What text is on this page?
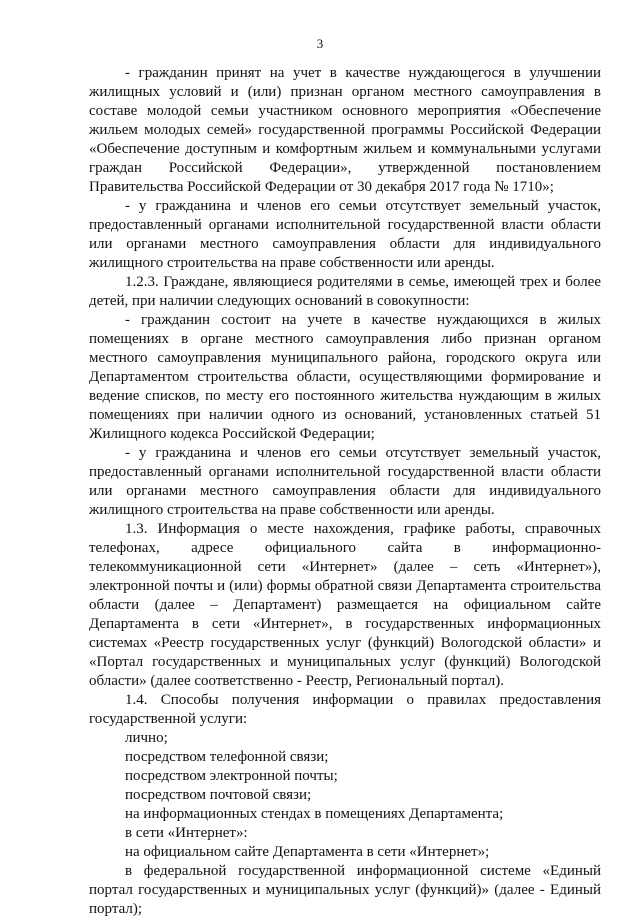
3

- гражданин принят на учет в качестве нуждающегося в улучшении жилищных условий и (или) признан органом местного самоуправления в составе молодой семьи участником основного мероприятия «Обеспечение жильем молодых семей» государственной программы Российской Федерации «Обеспечение доступным и комфортным жильем и коммунальными услугами граждан Российской Федерации», утвержденной постановлением Правительства Российской Федерации от 30 декабря 2017 года № 1710»;

- у гражданина и членов его семьи отсутствует земельный участок, предоставленный органами исполнительной государственной власти области или органами местного самоуправления области для индивидуального жилищного строительства на праве собственности или аренды.

1.2.3. Граждане, являющиеся родителями в семье, имеющей трех и более детей, при наличии следующих оснований в совокупности:

- гражданин состоит на учете в качестве нуждающихся в жилых помещениях в органе местного самоуправления либо признан органом местного самоуправления муниципального района, городского округа или Департаментом строительства области, осуществляющими формирование и ведение списков, по месту его постоянного жительства нуждающим в жилых помещениях при наличии одного из оснований, установленных статьей 51 Жилищного кодекса Российской Федерации;

- у гражданина и членов его семьи отсутствует земельный участок, предоставленный органами исполнительной государственной власти области или органами местного самоуправления области для индивидуального жилищного строительства на праве собственности или аренды.

1.3. Информация о месте нахождения, графике работы, справочных телефонах, адресе официального сайта в информационно-телекоммуникационной сети «Интернет» (далее – сеть «Интернет»), электронной почты и (или) формы обратной связи Департамента строительства области (далее – Департамент) размещается на официальном сайте Департамента в сети «Интернет», в государственных информационных системах «Реестр государственных услуг (функций) Вологодской области» и «Портал государственных и муниципальных услуг (функций) Вологодской области» (далее соответственно - Реестр, Региональный портал).

1.4. Способы получения информации о правилах предоставления государственной услуги:

лично;

посредством телефонной связи;

посредством электронной почты;

посредством почтовой связи;

на информационных стендах в помещениях Департамента;

в сети «Интернет»:

на официальном сайте Департамента в сети «Интернет»;

в федеральной государственной информационной системе «Единый портал государственных и муниципальных услуг (функций)» (далее - Единый портал);
